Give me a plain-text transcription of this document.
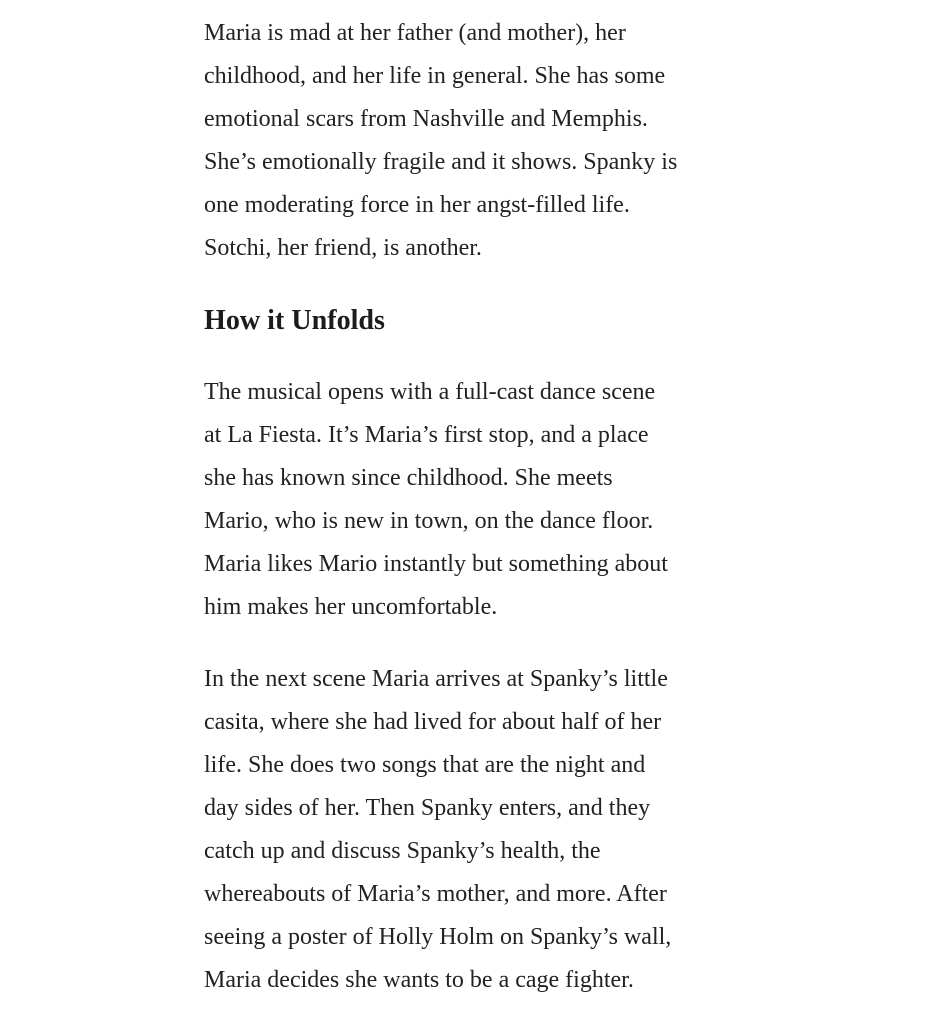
Maria is mad at her father (and mother), her
childhood, and her life in general. She has some
emotional scars from Nashville and Memphis.
She’s emotionally fragile and it shows. Spanky is
one moderating force in her angst-filled life.
Sotchi, her friend, is another.

How it Unfolds

The musical opens with a full-cast dance scene
at La Fiesta. It’s Maria’s first stop, and a place
she has known since childhood. She meets
Mario, who is new in town, on the dance floor.
Maria likes Mario instantly but something about
him makes her uncomfortable.

In the next scene Maria arrives at Spanky’s little
casita, where she had lived for about half of her
life. She does two songs that are the night and
day sides of her. Then Spanky enters, and they
catch up and discuss Spanky’s health, the
whereabouts of Maria’s mother, and more. After
seeing a poster of Holly Holm on Spanky’s wall,
Maria decides she wants to be a cage fighter.
